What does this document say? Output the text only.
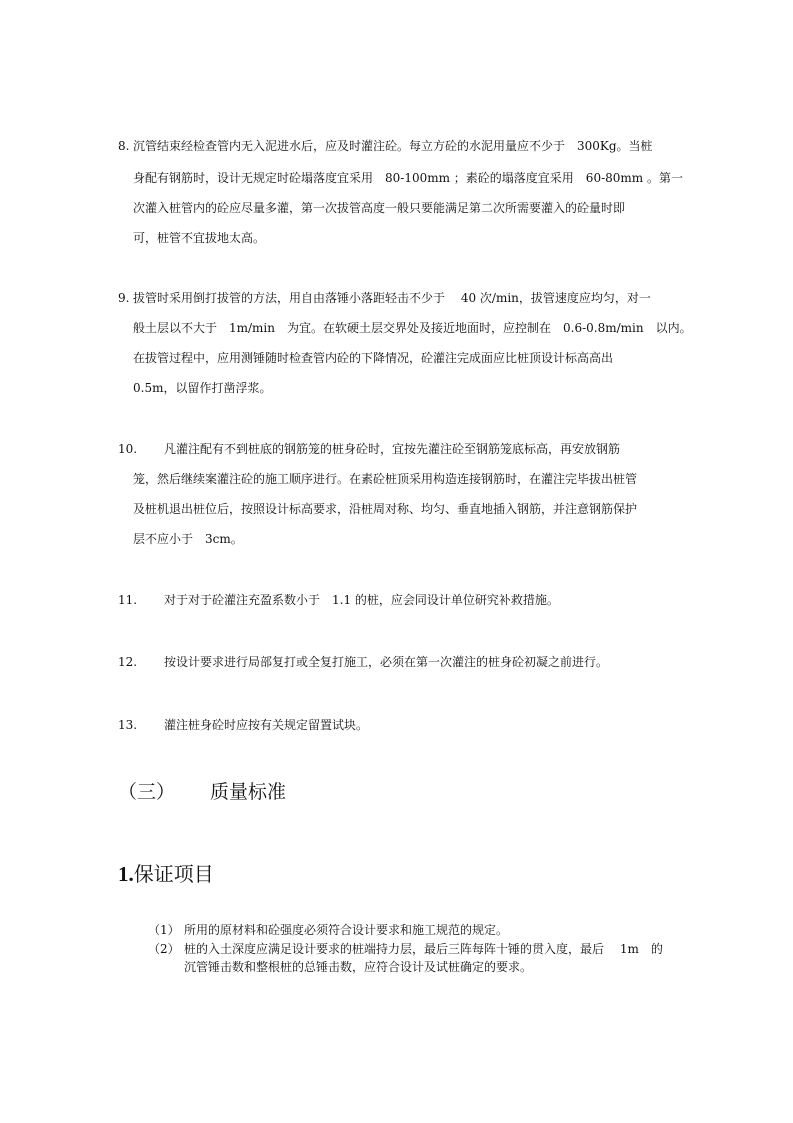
8. 沉管结束经检查管内无入泥进水后，应及时灌注砼。每立方砼的水泥用量应不少于　300Kg。当桩
身配有钢筋时，设计无规定时砼塌落度宜采用　80-100mm ；素砼的塌落度宜采用　60-80mm 。第一
次灌入桩管内的砼应尽量多灌，第一次拔管高度一般只要能满足第二次所需要灌入的砼量时即
可，桩管不宜拔地太高。
9. 拔管时采用倒打拔管的方法，用自由落锤小落距轻击不少于　 40 次/min，拔管速度应均匀，对一
般土层以不大于　1m/min　为宜。在软硬土层交界处及接近地面时，应控制在　0.6-0.8m/min　以内。
在拔管过程中，应用测锤随时检查管内砼的下降情况，砼灌注完成面应比桩顶设计标高高出
0.5m，以留作打凿浮浆。
10. 凡灌注配有不到桩底的钢筋笼的桩身砼时，宜按先灌注砼至钢筋笼底标高，再安放钢筋
笼，然后继续案灌注砼的施工顺序进行。在素砼桩顶采用构造连接钢筋时，在灌注完毕拔出桩管
及桩机退出桩位后，按照设计标高要求，沿桩周对称、均匀、垂直地插入钢筋，并注意钢筋保护
层不应小于　3cm。
11. 对于对于砼灌注充盈系数小于　1.1 的桩，应会同设计单位研究补救措施。
12. 按设计要求进行局部复打或全复打施工，必须在第一次灌注的桩身砼初凝之前进行。
13. 灌注桩身砼时应按有关规定留置试块。
（三） 质量标准
1.保证项目
（1） 所用的原材料和砼强度必须符合设计要求和施工规范的规定。
（2） 桩的入土深度应满足设计要求的桩端持力层，最后三阵每阵十锤的贯入度，最后　 1m　的
沉管锤击数和整根桩的总锤击数，应符合设计及试桩确定的要求。
